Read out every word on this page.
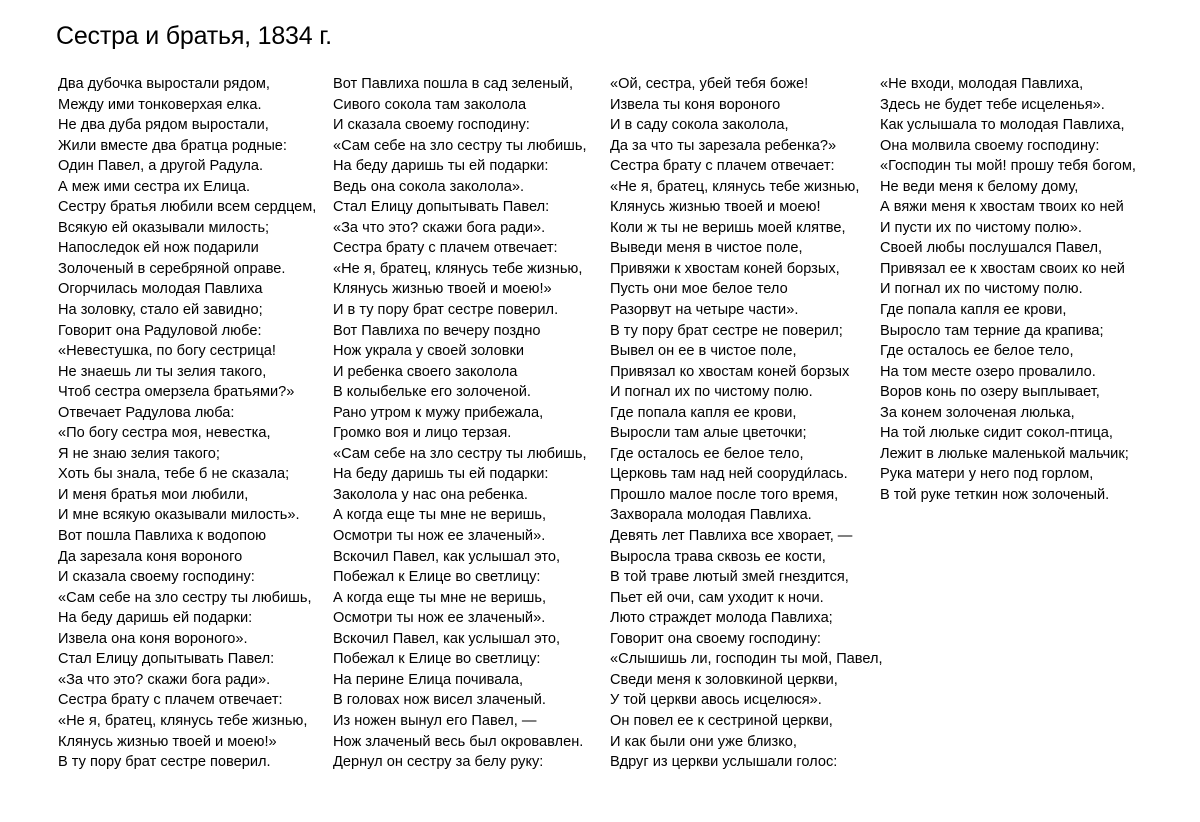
Сестра и братья, 1834 г.
Два дубочка выростали рядом,
Между ими тонковерхая елка.
Не два дуба рядом выростали,
Жили вместе два братца родные:
Один Павел, а другой Радула.
А меж ими сестра их Елица.
Сестру братья любили всем сердцем,
Всякую ей оказывали милость;
Напоследок ей нож подарили
Золоченый в серебряной оправе.
Огорчилась молодая Павлиха
На золовку, стало ей завидно;
Говорит она Радуловой любе:
«Невестушка, по богу сестрица!
Не знаешь ли ты зелия такого,
Чтоб сестра омерзела братьями?»
Отвечает Радулова люба:
«По богу сестра моя, невестка,
Я не знаю зелия такого;
Хоть бы знала, тебе б не сказала;
И меня братья мои любили,
И мне всякую оказывали милость».
Вот пошла Павлиха к водопою
Да зарезала коня вороного
И сказала своему господину:
«Сам себе на зло сестру ты любишь,
На беду даришь ей подарки:
Извела она коня вороного».
Стал Елицу допытывать Павел:
«За что это? скажи бога ради».
Сестра брату с плачем отвечает:
«Не я, братец, клянусь тебе жизнью,
Клянусь жизнью твоей и моею!»
В ту пору брат сестре поверил.
Вот Павлиха пошла в сад зеленый,
Сивого сокола там заколола
И сказала своему господину:
«Сам себе на зло сестру ты любишь,
На беду даришь ты ей подарки:
Ведь она сокола заколола».
Стал Елицу допытывать Павел:
«За что это? скажи бога ради».
Сестра брату с плачем отвечает:
«Не я, братец, клянусь тебе жизнью,
Клянусь жизнью твоей и моею!»
И в ту пору брат сестре поверил.
Вот Павлиха по вечеру поздно
Нож украла у своей золовки
И ребенка своего заколола
В колыбельке его золоченой.
Рано утром к мужу прибежала,
Громко воя и лицо терзая.
«Сам себе на зло сестру ты любишь,
На беду даришь ты ей подарки:
Заколола у нас она ребенка.
А когда еще ты мне не веришь,
Осмотри ты нож ее злаченый».
Вскочил Павел, как услышал это,
Побежал к Елице во светлицу:
А когда еще ты мне не веришь,
Осмотри ты нож ее злаченый».
Вскочил Павел, как услышал это,
Побежал к Елице во светлицу:
На перине Елица почивала,
В головах нож висел злаченый.
Из ножен вынул его Павел, —
Нож злаченый весь был окровавлен.
Дернул он сестру за белу руку:
«Ой, сестра, убей тебя боже!
Извела ты коня вороного
И в саду сокола заколола,
Да за что ты зарезала ребенка?»
Сестра брату с плачем отвечает:
«Не я, братец, клянусь тебе жизнью,
Клянусь жизнью твоей и моею!
Коли ж ты не веришь моей клятве,
Выведи меня в чистое поле,
Привяжи к хвостам коней борзых,
Пусть они мое белое тело
Разорвут на четыре части».
В ту пору брат сестре не поверил;
Вывел он ее в чистое поле,
Привязал ко хвостам коней борзых
И погнал их по чистому полю.
Где попала капля ее крови,
Выросли там алые цветочки;
Где осталось ее белое тело,
Церковь там над ней сооруди́лась.
Прошло малое после того время,
Захворала молодая Павлиха.
Девять лет Павлиха все хворает, —
Выросла трава сквозь ее кости,
В той траве лютый змей гнездится,
Пьет ей очи, сам уходит к ночи.
Люто страждет молода Павлиха;
Говорит она своему господину:
«Слышишь ли, господин ты мой, Павел,
Сведи меня к золовкиной церкви,
У той церкви авось исцелюся».
Он повел ее к сестриной церкви,
И как были они уже близко,
Вдруг из церкви услышали голос:
«Не входи, молодая Павлиха,
Здесь не будет тебе исцеленья».
Как услышала то молодая Павлиха,
Она молвила своему господину:
«Господин ты мой! прошу тебя богом,
Не веди меня к белому дому,
А вяжи меня к хвостам твоих ко ней
И пусти их по чистому полю».
Своей любы послушался Павел,
Привязал ее к хвостам своих ко ней
И погнал их по чистому полю.
Где попала капля ее крови,
Выросло там терние да крапива;
Где осталось ее белое тело,
На том месте озеро провалило.
Воров конь по озеру выплывает,
За конем золоченая люлька,
На той люльке сидит сокол-птица,
Лежит в люльке маленькой мальчик;
Рука матери у него под горлом,
В той руке теткин нож золоченый.
